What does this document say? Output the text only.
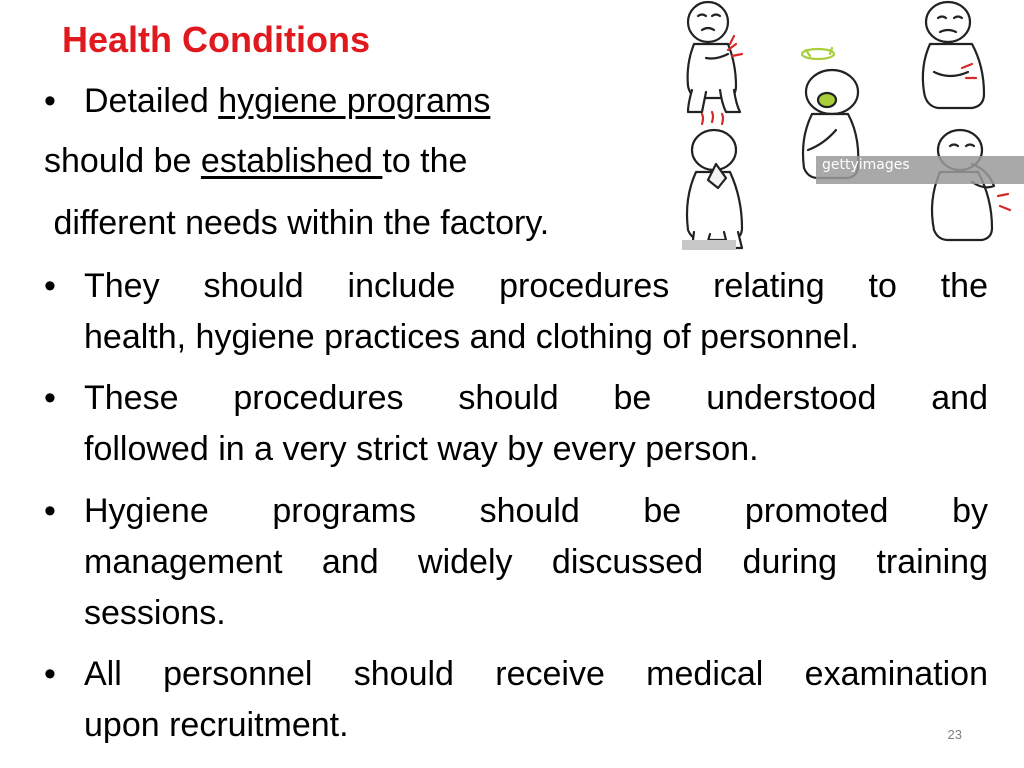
Health Conditions
• Detailed hygiene programs
should be established to the
different needs within the factory.
• They should include procedures relating to the
health, hygiene practices and clothing of personnel.
• These procedures should be understood and
followed in a very strict way by every person.
• Hygiene programs should be promoted by
management and widely discussed during training
sessions.
• All personnel should receive medical examination
upon recruitment.	23
gettyimages
